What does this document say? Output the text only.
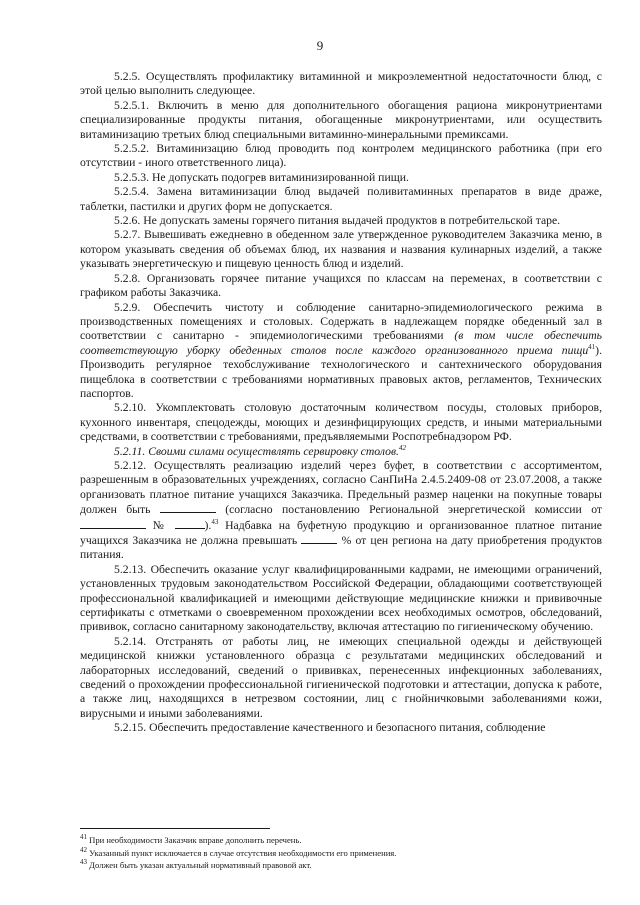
9

5.2.5. Осуществлять профилактику витаминной и микроэлементной недостаточности блюд, с этой целью выполнить следующее.

5.2.5.1. Включить в меню для дополнительного обогащения рациона микронутриентами специализированные продукты питания, обогащенные микронутриентами, или осуществить витаминизацию третьих блюд специальными витаминно-минеральными премиксами.

5.2.5.2. Витаминизацию блюд проводить под контролем медицинского работника (при его отсутствии - иного ответственного лица).

5.2.5.3. Не допускать подогрев витаминизированной пищи.

5.2.5.4. Замена витаминизации блюд выдачей поливитаминных препаратов в виде драже, таблетки, пастилки и других форм не допускается.

5.2.6. Не допускать замены горячего питания выдачей продуктов в потребительской таре.

5.2.7. Вывешивать ежедневно в обеденном зале утвержденное руководителем Заказчика меню, в котором указывать сведения об объемах блюд, их названия и названия кулинарных изделий, а также указывать энергетическую и пищевую ценность блюд и изделий.

5.2.8. Организовать горячее питание учащихся по классам на переменах, в соответствии с графиком работы Заказчика.

5.2.9. Обеспечить чистоту и соблюдение санитарно-эпидемиологического режима в производственных помещениях и столовых. Содержать в надлежащем порядке обеденный зал в соответствии с санитарно - эпидемиологическими требованиями (в том числе обеспечить соответствующую уборку обеденных столов после каждого организованного приема пищи$^{41}$). Производить регулярное техобслуживание технологического и сантехнического оборудования пищеблока в соответствии с требованиями нормативных правовых актов, регламентов, Технических паспортов.

5.2.10. Укомплектовать столовую достаточным количеством посуды, столовых приборов, кухонного инвентаря, спецодежды, моющих и дезинфицирующих средств, и иными материальными средствами, в соответствии с требованиями, предъявляемыми Роспотребнадзором РФ.

5.2.11. Своими силами осуществлять сервировку столов.$^{42}$

5.2.12. Осуществлять реализацию изделий через буфет, в соответствии с ассортиментом, разрешенным в образовательных учреждениях, согласно СанПиНа 2.4.5.2409-08 от 23.07.2008, а также организовать платное питание учащихся Заказчика. Предельный размер наценки на покупные товары должен быть	(согласно постановлению Региональной энергетической комиссии от  №	).$^{43}$ Надбавка на буфетную продукцию и организованное платное питание учащихся Заказчика не должна превышать	% от цен региона на дату приобретения продуктов питания.

5.2.13. Обеспечить оказание услуг квалифицированными кадрами, не имеющими ограничений, установленных трудовым законодательством Российской Федерации, обладающими соответствующей профессиональной квалификацией и имеющими действующие медицинские книжки и прививочные сертификаты с отметками о своевременном прохождении всех необходимых осмотров, обследований, прививок, согласно санитарному законодательству, включая аттестацию по гигиеническому обучению.

5.2.14. Отстранять от работы лиц, не имеющих специальной одежды и действующей медицинской книжки установленного образца с результатами медицинских обследований и лабораторных исследований, сведений о прививках, перенесенных инфекционных заболеваниях, сведений о прохождении профессиональной гигиенической подготовки и аттестации, допуска к работе, а также лиц, находящихся в нетрезвом состоянии, лиц с гнойничковыми заболеваниями кожи, вирусными и иными заболеваниями.

5.2.15. Обеспечить предоставление качественного и безопасного питания, соблюдение

$^{41}$ При необходимости Заказчик вправе дополнить перечень.
$^{42}$ Указанный пункт исключается в случае отсутствия необходимости его применения.
$^{43}$ Должен быть указан актуальный нормативный правовой акт.
